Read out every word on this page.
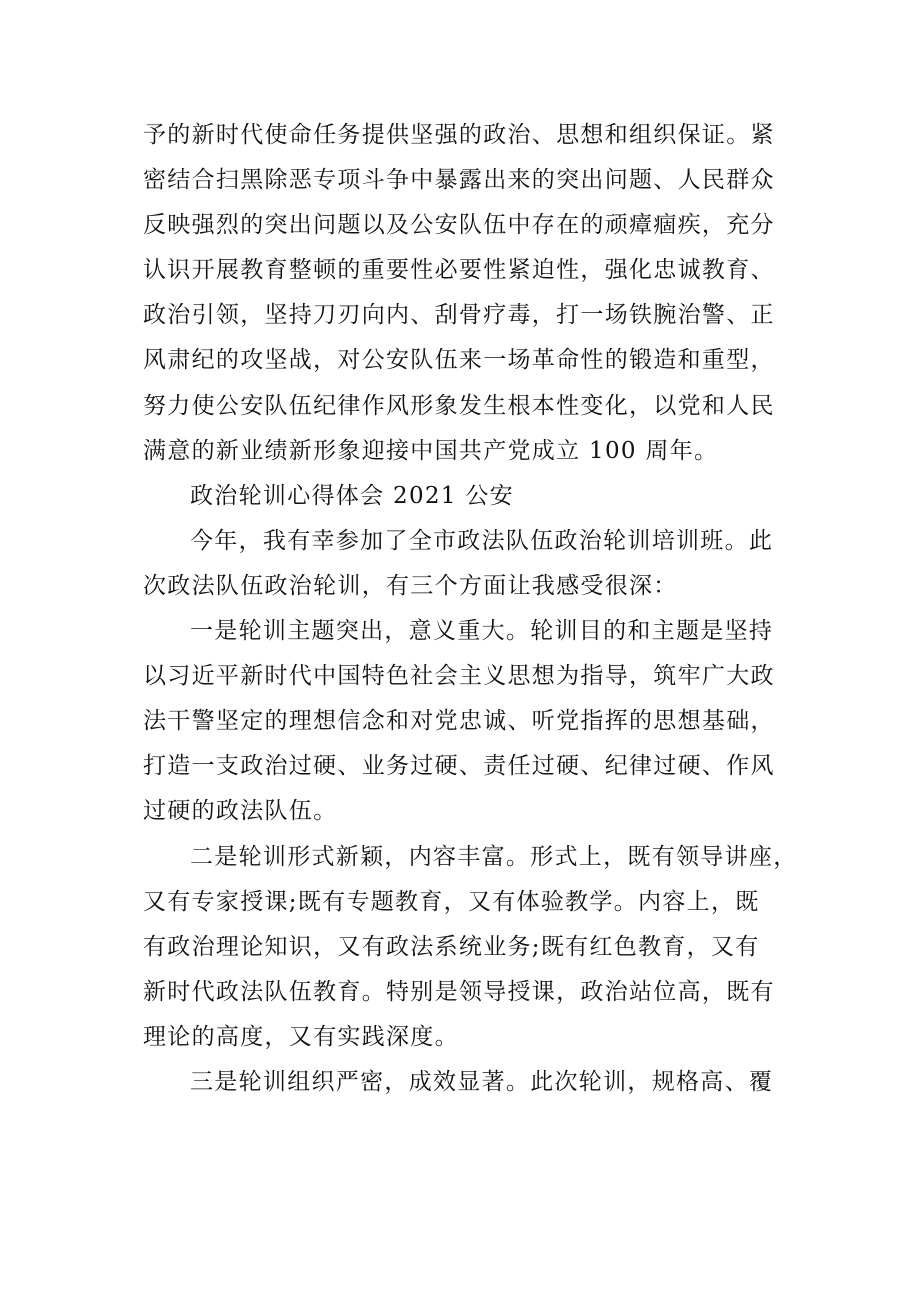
予的新时代使命任务提供坚强的政治、思想和组织保证。紧
密结合扫黑除恶专项斗争中暴露出来的突出问题、人民群众
反映强烈的突出问题以及公安队伍中存在的顽瘴痼疾，充分
认识开展教育整顿的重要性必要性紧迫性，强化忠诚教育、
政治引领，坚持刀刃向内、刮骨疗毒，打一场铁腕治警、正
风肃纪的攻坚战，对公安队伍来一场革命性的锻造和重型，
努力使公安队伍纪律作风形象发生根本性变化，以党和人民
满意的新业绩新形象迎接中国共产党成立 100 周年。
政治轮训心得体会 2021 公安
今年，我有幸参加了全市政法队伍政治轮训培训班。此
次政法队伍政治轮训，有三个方面让我感受很深：
一是轮训主题突出，意义重大。轮训目的和主题是坚持
以习近平新时代中国特色社会主义思想为指导，筑牢广大政
法干警坚定的理想信念和对党忠诚、听党指挥的思想基础，
打造一支政治过硬、业务过硬、责任过硬、纪律过硬、作风
过硬的政法队伍。
二是轮训形式新颖，内容丰富。形式上，既有领导讲座，
又有专家授课;既有专题教育，又有体验教学。内容上，既
有政治理论知识，又有政法系统业务;既有红色教育，又有
新时代政法队伍教育。特别是领导授课，政治站位高，既有
理论的高度，又有实践深度。
三是轮训组织严密，成效显著。此次轮训，规格高、覆
